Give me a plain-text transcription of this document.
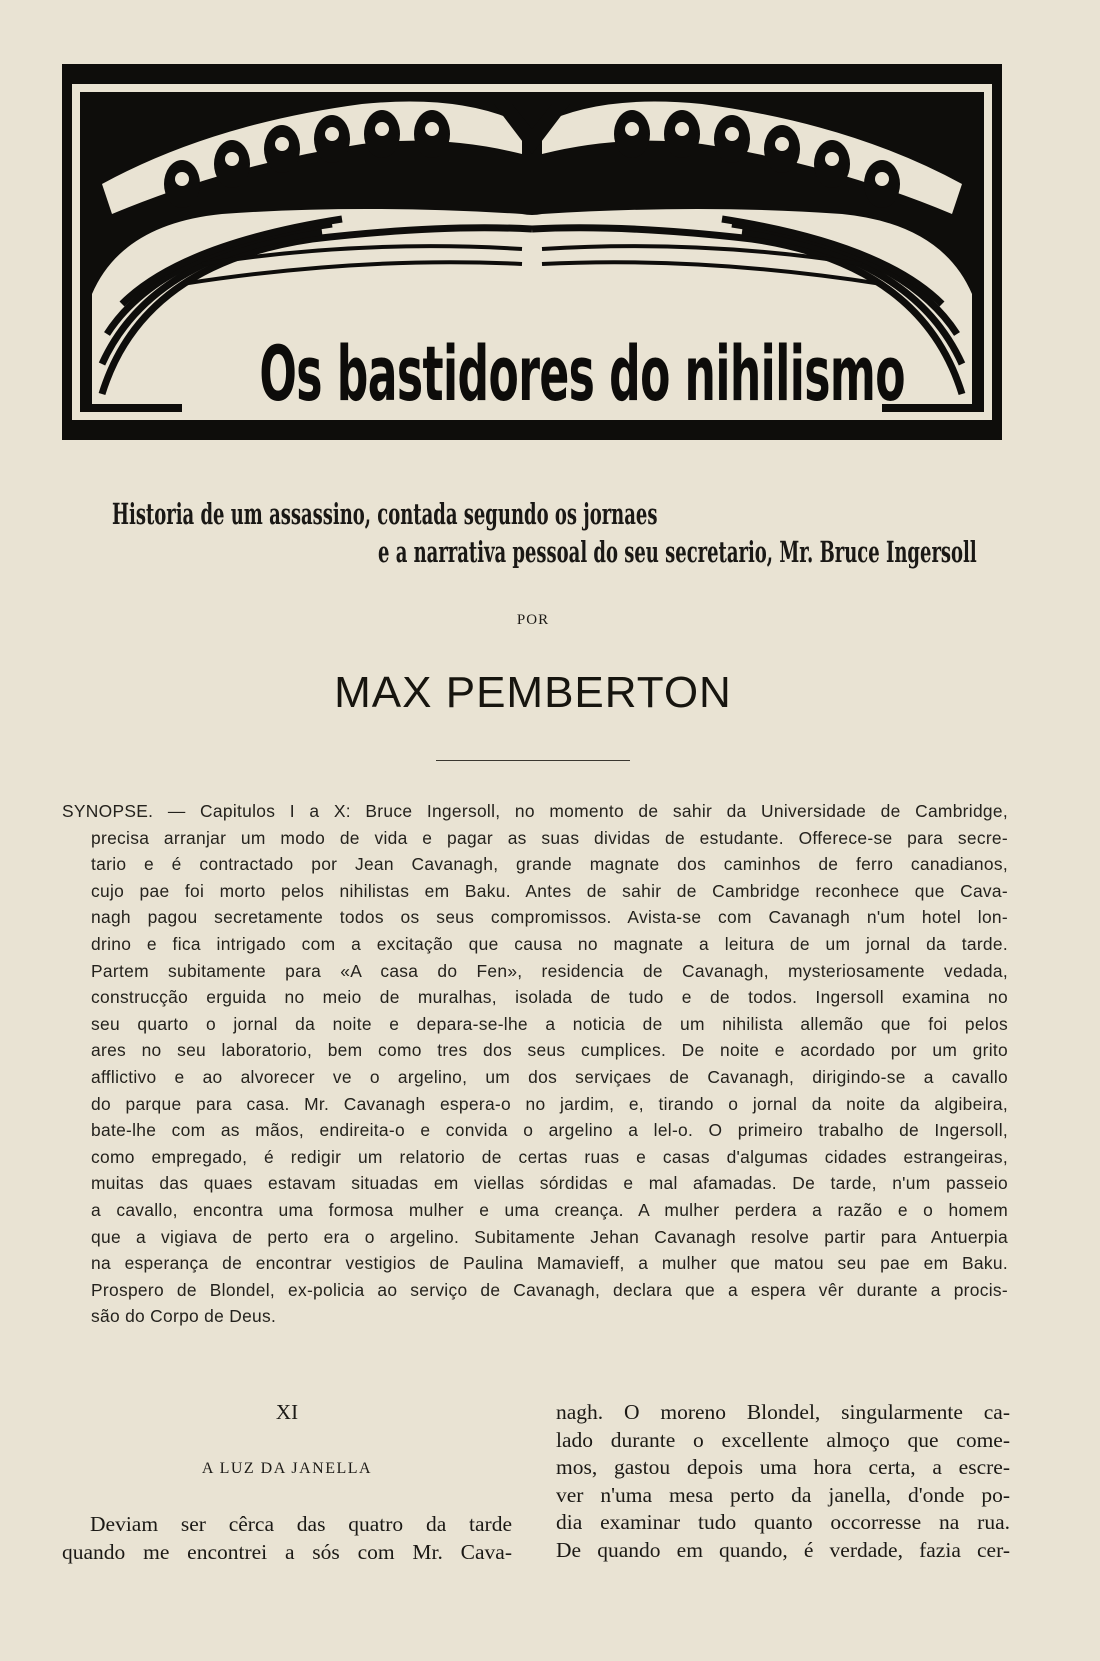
Os bastidores do nihilismo
Historia de um assassino, contada segundo os jornaes
e a narrativa pessoal do seu secretario, Mr. Bruce Ingersoll
POR
MAX PEMBERTON
SYNOPSE. — Capitulos I a X: Bruce Ingersoll, no momento de sahir da Universidade de Cambridge,
precisa arranjar um modo de vida e pagar as suas dividas de estudante. Offerece-se para secre-
tario e é contractado por Jean Cavanagh, grande magnate dos caminhos de ferro canadianos,
cujo pae foi morto pelos nihilistas em Baku. Antes de sahir de Cambridge reconhece que Cava-
nagh pagou secretamente todos os seus compromissos. Avista-se com Cavanagh n'um hotel lon-
drino e fica intrigado com a excitação que causa no magnate a leitura de um jornal da tarde.
Partem subitamente para «A casa do Fen», residencia de Cavanagh, mysteriosamente vedada,
construcção erguida no meio de muralhas, isolada de tudo e de todos. Ingersoll examina no
seu quarto o jornal da noite e depara-se-lhe a noticia de um nihilista allemão que foi pelos
ares no seu laboratorio, bem como tres dos seus cumplices. De noite e acordado por um grito
afflictivo e ao alvorecer ve o argelino, um dos serviçaes de Cavanagh, dirigindo-se a cavallo
do parque para casa. Mr. Cavanagh espera-o no jardim, e, tirando o jornal da noite da algibeira,
bate-lhe com as mãos, endireita-o e convida o argelino a lel-o. O primeiro trabalho de Ingersoll,
como empregado, é redigir um relatorio de certas ruas e casas d'algumas cidades estrangeiras,
muitas das quaes estavam situadas em viellas sórdidas e mal afamadas. De tarde, n'um passeio
a cavallo, encontra uma formosa mulher e uma creança. A mulher perdera a razão e o homem
que a vigiava de perto era o argelino. Subitamente Jehan Cavanagh resolve partir para Antuerpia
na esperança de encontrar vestigios de Paulina Mamavieff, a mulher que matou seu pae em Baku.
Prospero de Blondel, ex-policia ao serviço de Cavanagh, declara que a espera vêr durante a procis-
são do Corpo de Deus.
XI
A LUZ DA JANELLA
Deviam ser cêrca das quatro da tarde
quando me encontrei a sós com Mr. Cava-
nagh. O moreno Blondel, singularmente ca-
lado durante o excellente almoço que come-
mos, gastou depois uma hora certa, a escre-
ver n'uma mesa perto da janella, d'onde po-
dia examinar tudo quanto occorresse na rua.
De quando em quando, é verdade, fazia cer-
